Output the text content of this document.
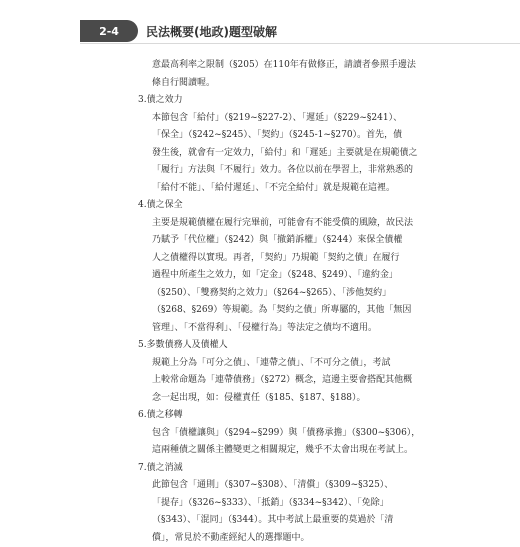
2-4	民法概要(地政)題型破解
意最高利率之限制（§205）在110年有做修正，請讀者參照手邊法
條自行閱讀喔。
3.債之效力
本節包含「給付」（§219~§227-2）、「遲延」（§229~§241）、
「保全」（§242~§245）、「契約」（§245-1~§270）。首先，債
發生後，就會有一定效力，「給付」和「遲延」主要就是在規範債之
「履行」方法與「不履行」效力。各位以前在學習上，非常熟悉的
「給付不能」、「給付遲延」、「不完全給付」就是規範在這裡。
4.債之保全
主要是規範債權在履行完畢前，可能會有不能受償的風險，故民法
乃賦予「代位權」（§242）與「撤銷訴權」（§244）來保全債權
人之債權得以實現。再者，「契約」乃規範「契約之債」在履行
過程中所產生之效力，如「定金」（§248、§249）、「違約金」
（§250）、「雙務契約之效力」（§264~§265）、「涉他契約」
（§268、§269）等規範。為「契約之債」所專屬的，其他「無因
管理」、「不當得利」、「侵權行為」等法定之債均不適用。
5.多數債務人及債權人
規範上分為「可分之債」、「連帶之債」、「不可分之債」，考試
上較常命題為「連帶債務」（§272）概念，這邊主要會搭配其他概
念一起出現，如：侵權責任（§185、§187、§188）。
6.債之移轉
包含「債權讓與」（§294~§299）與「債務承擔」（§300~§306），
這兩種債之關係主體變更之相關規定，幾乎不太會出現在考試上。
7.債之消滅
此節包含「通則」（§307~§308）、「清償」（§309~§325）、
「提存」（§326~§333）、「抵銷」（§334~§342）、「免除」
（§343）、「混同」（§344）。其中考試上最重要的莫過於「清
償」，常見於不動產經紀人的選擇題中。
